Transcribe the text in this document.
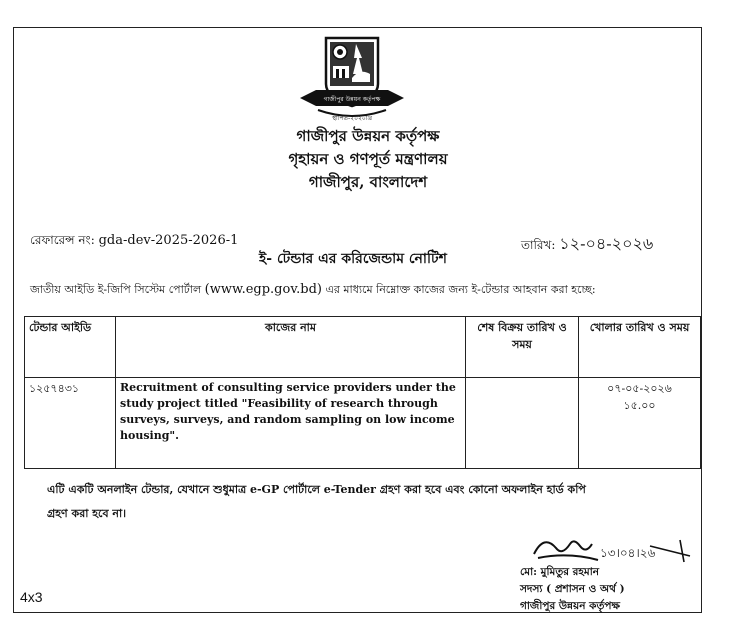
গাজীপুর উন্নয়ন কর্তৃপক্ষ
স্থাপিত-২০২০খ্রি
গাজীপুর উন্নয়ন কর্তৃপক্ষ
গৃহায়ন ও গণপূর্ত মন্ত্রণালয়
গাজীপুর, বাংলাদেশ
রেফারেন্স নং: gda-dev-2025-2026-1	তারিখ: ১২-০৪-২০২৬
ই- টেন্ডার এর করিজেন্ডাম নোটিশ
জাতীয় আইডি ই-জিপি সিস্টেম পোর্টাল (www.egp.gov.bd) এর মাধ্যমে নিম্নোক্ত কাজের জন্য ই-টেন্ডার আহবান করা হচ্ছে:
টেন্ডার আইডি	কাজের নাম	শেষ বিক্রয় তারিখ ও সময়	খোলার তারিখ ও সময়
১২৫৭৪৩১	Recruitment of consulting service providers under the study project titled "Feasibility of research through surveys, surveys, and random sampling on low income housing".		০৭-০৫-২০২৬
১৫.০০
এটি একটি অনলাইন টেন্ডার, যেখানে শুধুমাত্র e-GP পোর্টালে e-Tender গ্রহণ করা হবে এবং কোনো অফলাইন হার্ড কপি
গ্রহণ করা হবে না।
১৩।০৪।২৬
মো: মুমিতুর রহমান
সদস্য ( প্রশাসন ও অর্থ )
গাজীপুর উন্নয়ন কর্তৃপক্ষ
4x3
